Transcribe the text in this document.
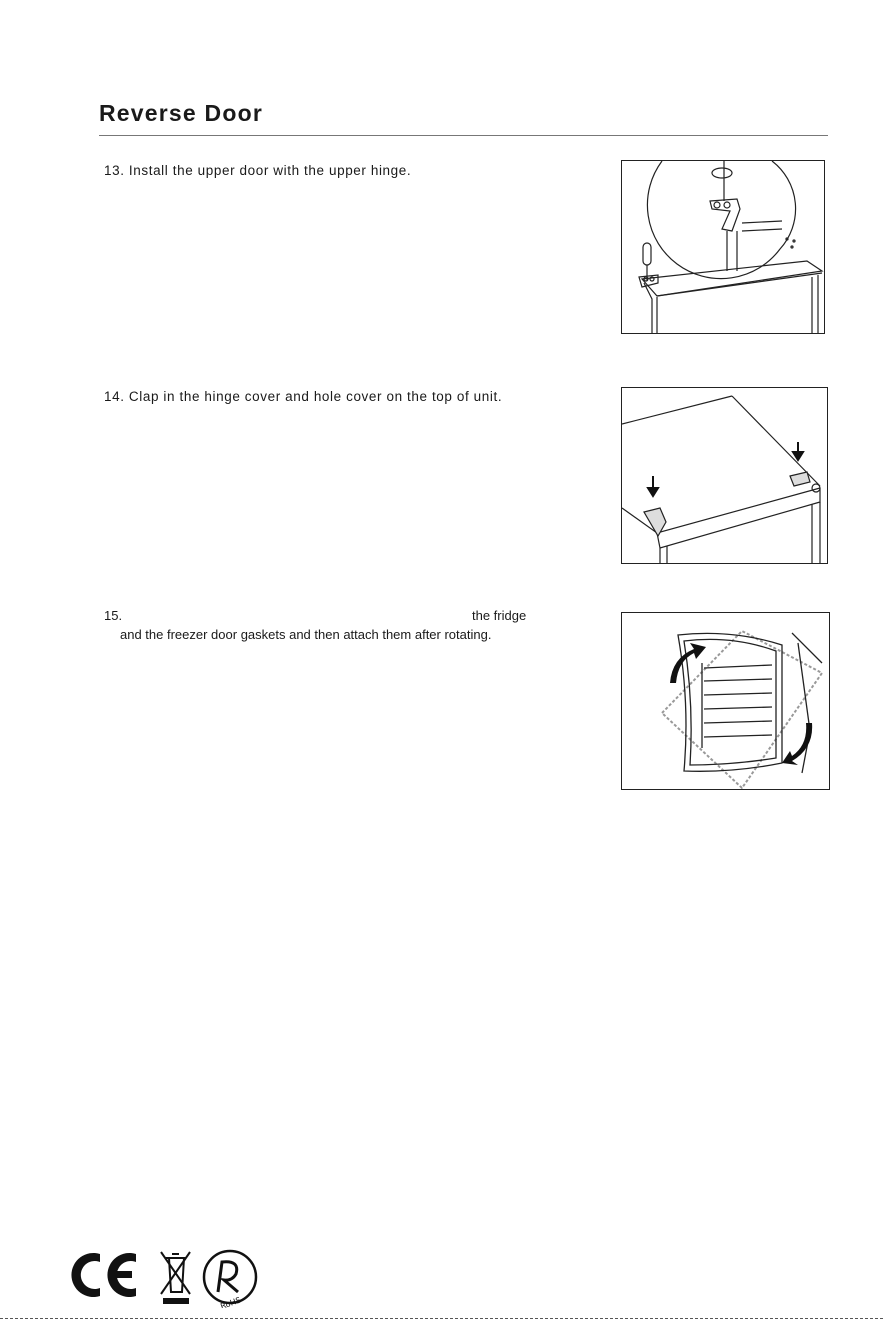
Reverse Door

13. Install the upper door with the upper hinge.

14. Clap in the hinge cover and hole cover on the top of unit.

15.	the fridge
and the freezer door gaskets and then attach them after rotating.
RoHS
